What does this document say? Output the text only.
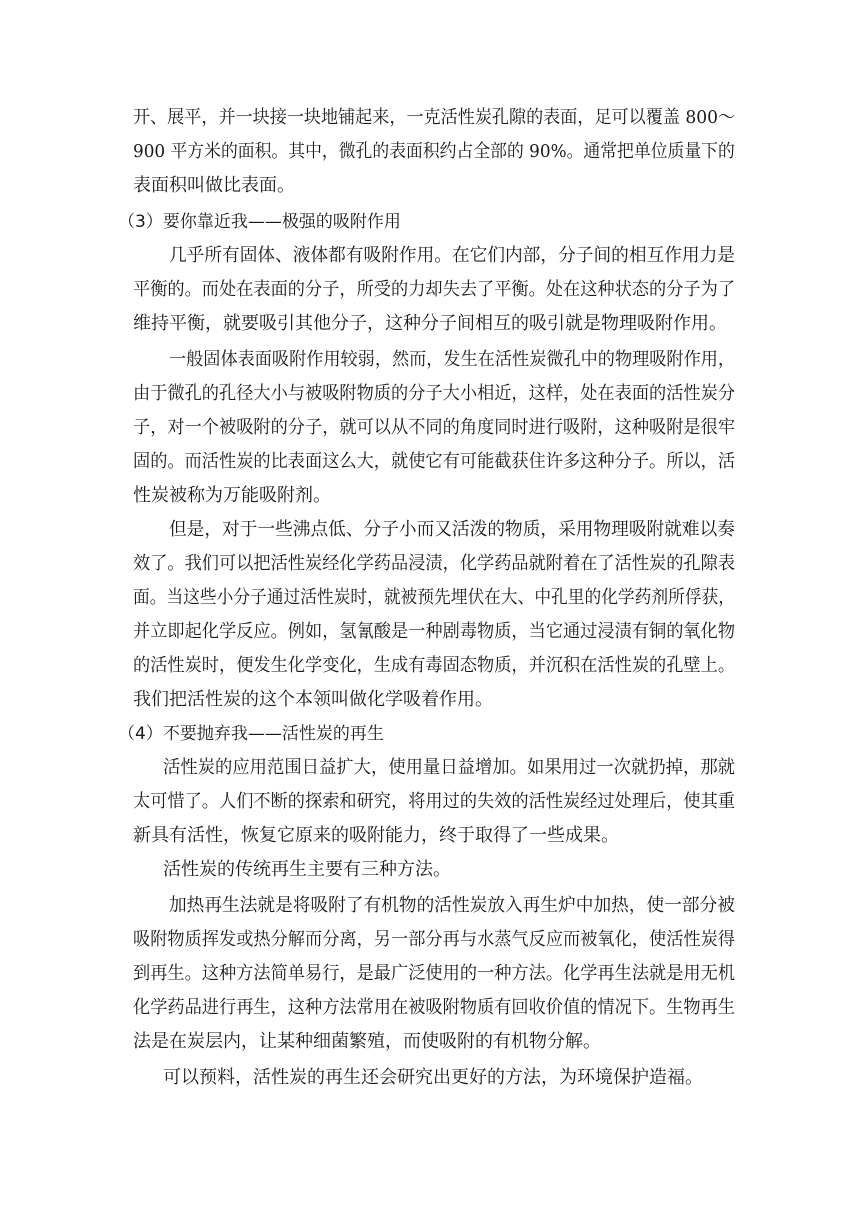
开、展平，并一块接一块地铺起来，一克活性炭孔隙的表面，足可以覆盖 800～
900 平方米的面积。其中，微孔的表面积约占全部的 90%。通常把单位质量下的
表面积叫做比表面。
（3）要你靠近我——极强的吸附作用
几乎所有固体、液体都有吸附作用。在它们内部，分子间的相互作用力是
平衡的。而处在表面的分子，所受的力却失去了平衡。处在这种状态的分子为了
维持平衡，就要吸引其他分子，这种分子间相互的吸引就是物理吸附作用。
一般固体表面吸附作用较弱，然而，发生在活性炭微孔中的物理吸附作用，
由于微孔的孔径大小与被吸附物质的分子大小相近，这样，处在表面的活性炭分
子，对一个被吸附的分子，就可以从不同的角度同时进行吸附，这种吸附是很牢
固的。而活性炭的比表面这么大，就使它有可能截获住许多这种分子。所以，活
性炭被称为万能吸附剂。
但是，对于一些沸点低、分子小而又活泼的物质，采用物理吸附就难以奏
效了。我们可以把活性炭经化学药品浸渍，化学药品就附着在了活性炭的孔隙表
面。当这些小分子通过活性炭时，就被预先埋伏在大、中孔里的化学药剂所俘获，
并立即起化学反应。例如，氢氰酸是一种剧毒物质，当它通过浸渍有铜的氧化物
的活性炭时，便发生化学变化，生成有毒固态物质，并沉积在活性炭的孔壁上。
我们把活性炭的这个本领叫做化学吸着作用。
（4）不要抛弃我——活性炭的再生
活性炭的应用范围日益扩大，使用量日益增加。如果用过一次就扔掉，那就
太可惜了。人们不断的探索和研究，将用过的失效的活性炭经过处理后，使其重
新具有活性，恢复它原来的吸附能力，终于取得了一些成果。
活性炭的传统再生主要有三种方法。
加热再生法就是将吸附了有机物的活性炭放入再生炉中加热，使一部分被
吸附物质挥发或热分解而分离，另一部分再与水蒸气反应而被氧化，使活性炭得
到再生。这种方法简单易行，是最广泛使用的一种方法。化学再生法就是用无机
化学药品进行再生，这种方法常用在被吸附物质有回收价值的情况下。生物再生
法是在炭层内，让某种细菌繁殖，而使吸附的有机物分解。
可以预料，活性炭的再生还会研究出更好的方法，为环境保护造福。
